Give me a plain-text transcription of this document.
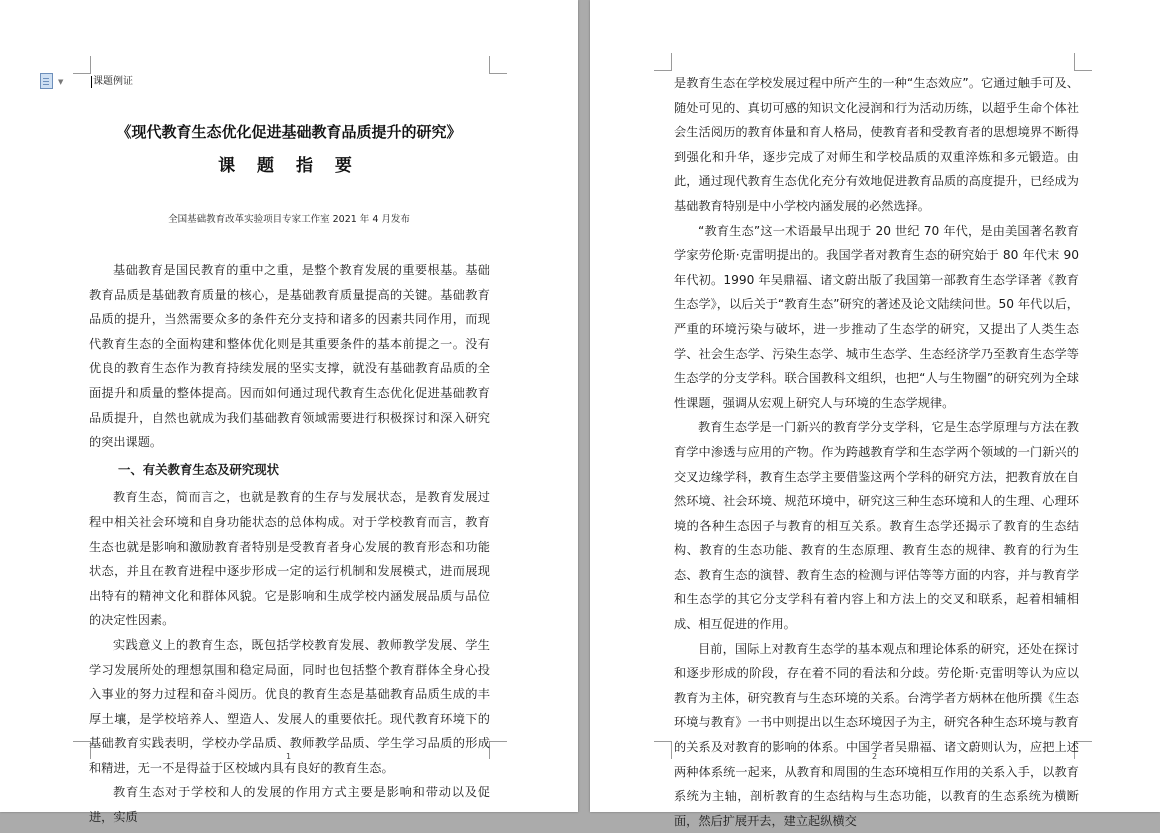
▼	课题例证
《现代教育生态优化促进基础教育品质提升的研究》
课 题 指 要
全国基础教育改革实验项目专家工作室 2021 年 4 月发布

基础教育是国民教育的重中之重，是整个教育发展的重要根基。基础教育品质是基础教育质量的核心，是基础教育质量提高的关键。基础教育品质的提升，当然需要众多的条件充分支持和诸多的因素共同作用，而现代教育生态的全面构建和整体优化则是其重要条件的基本前提之一。没有优良的教育生态作为教育持续发展的坚实支撑，就没有基础教育品质的全面提升和质量的整体提高。因而如何通过现代教育生态优化促进基础教育品质提升，自然也就成为我们基础教育领域需要进行积极探讨和深入研究的突出课题。

一、有关教育生态及研究现状

教育生态，简而言之，也就是教育的生存与发展状态，是教育发展过程中相关社会环境和自身功能状态的总体构成。对于学校教育而言，教育生态也就是影响和激励教育者特别是受教育者身心发展的教育形态和功能状态，并且在教育进程中逐步形成一定的运行机制和发展模式，进而展现出特有的精神文化和群体风貌。它是影响和生成学校内涵发展品质与品位的决定性因素。

实践意义上的教育生态，既包括学校教育发展、教师教学发展、学生学习发展所处的理想氛围和稳定局面，同时也包括整个教育群体全身心投入事业的努力过程和奋斗阅历。优良的教育生态是基础教育品质生成的丰厚土壤，是学校培养人、塑造人、发展人的重要依托。现代教育环境下的基础教育实践表明，学校办学品质、教师教学品质、学生学习品质的形成和精进，无一不是得益于区校域内具有良好的教育生态。

教育生态对于学校和人的发展的作用方式主要是影响和带动以及促进，实质

1

是教育生态在学校发展过程中所产生的一种“生态效应”。它通过触手可及、随处可见的、真切可感的知识文化浸润和行为活动历练，以超乎生命个体社会生活阅历的教育体量和育人格局，使教育者和受教育者的思想境界不断得到强化和升华，逐步完成了对师生和学校品质的双重淬炼和多元锻造。由此，通过现代教育生态优化充分有效地促进教育品质的高度提升，已经成为基础教育特别是中小学校内涵发展的必然选择。

“教育生态”这一术语最早出现于 20 世纪 70 年代，是由美国著名教育学家劳伦斯·克雷明提出的。我国学者对教育生态的研究始于 80 年代末 90 年代初。1990 年吴鼎福、诸文蔚出版了我国第一部教育生态学译著《教育生态学》，以后关于“教育生态”研究的著述及论文陆续问世。50 年代以后，严重的环境污染与破坏，进一步推动了生态学的研究，又提出了人类生态学、社会生态学、污染生态学、城市生态学、生态经济学乃至教育生态学等生态学的分支学科。联合国教科文组织，也把“人与生物圈”的研究列为全球性课题，强调从宏观上研究人与环境的生态学规律。

教育生态学是一门新兴的教育学分支学科，它是生态学原理与方法在教育学中渗透与应用的产物。作为跨越教育学和生态学两个领域的一门新兴的交叉边缘学科，教育生态学主要借鉴这两个学科的研究方法，把教育放在自然环境、社会环境、规范环境中，研究这三种生态环境和人的生理、心理环境的各种生态因子与教育的相互关系。教育生态学还揭示了教育的生态结构、教育的生态功能、教育的生态原理、教育生态的规律、教育的行为生态、教育生态的演替、教育生态的检测与评估等等方面的内容，并与教育学和生态学的其它分支学科有着内容上和方法上的交叉和联系，起着相辅相成、相互促进的作用。

目前，国际上对教育生态学的基本观点和理论体系的研究，还处在探讨和逐步形成的阶段，存在着不同的看法和分歧。劳伦斯·克雷明等认为应以教育为主体，研究教育与生态环境的关系。台湾学者方炳林在他所撰《生态环境与教育》一书中则提出以生态环境因子为主，研究各种生态环境与教育的关系及对教育的影响的体系。中国学者吴鼎福、诸文蔚则认为，应把上述两种体系统一起来，从教育和周围的生态环境相互作用的关系入手，以教育系统为主轴，剖析教育的生态结构与生态功能，以教育的生态系统为横断面，然后扩展开去，建立起纵横交

2
